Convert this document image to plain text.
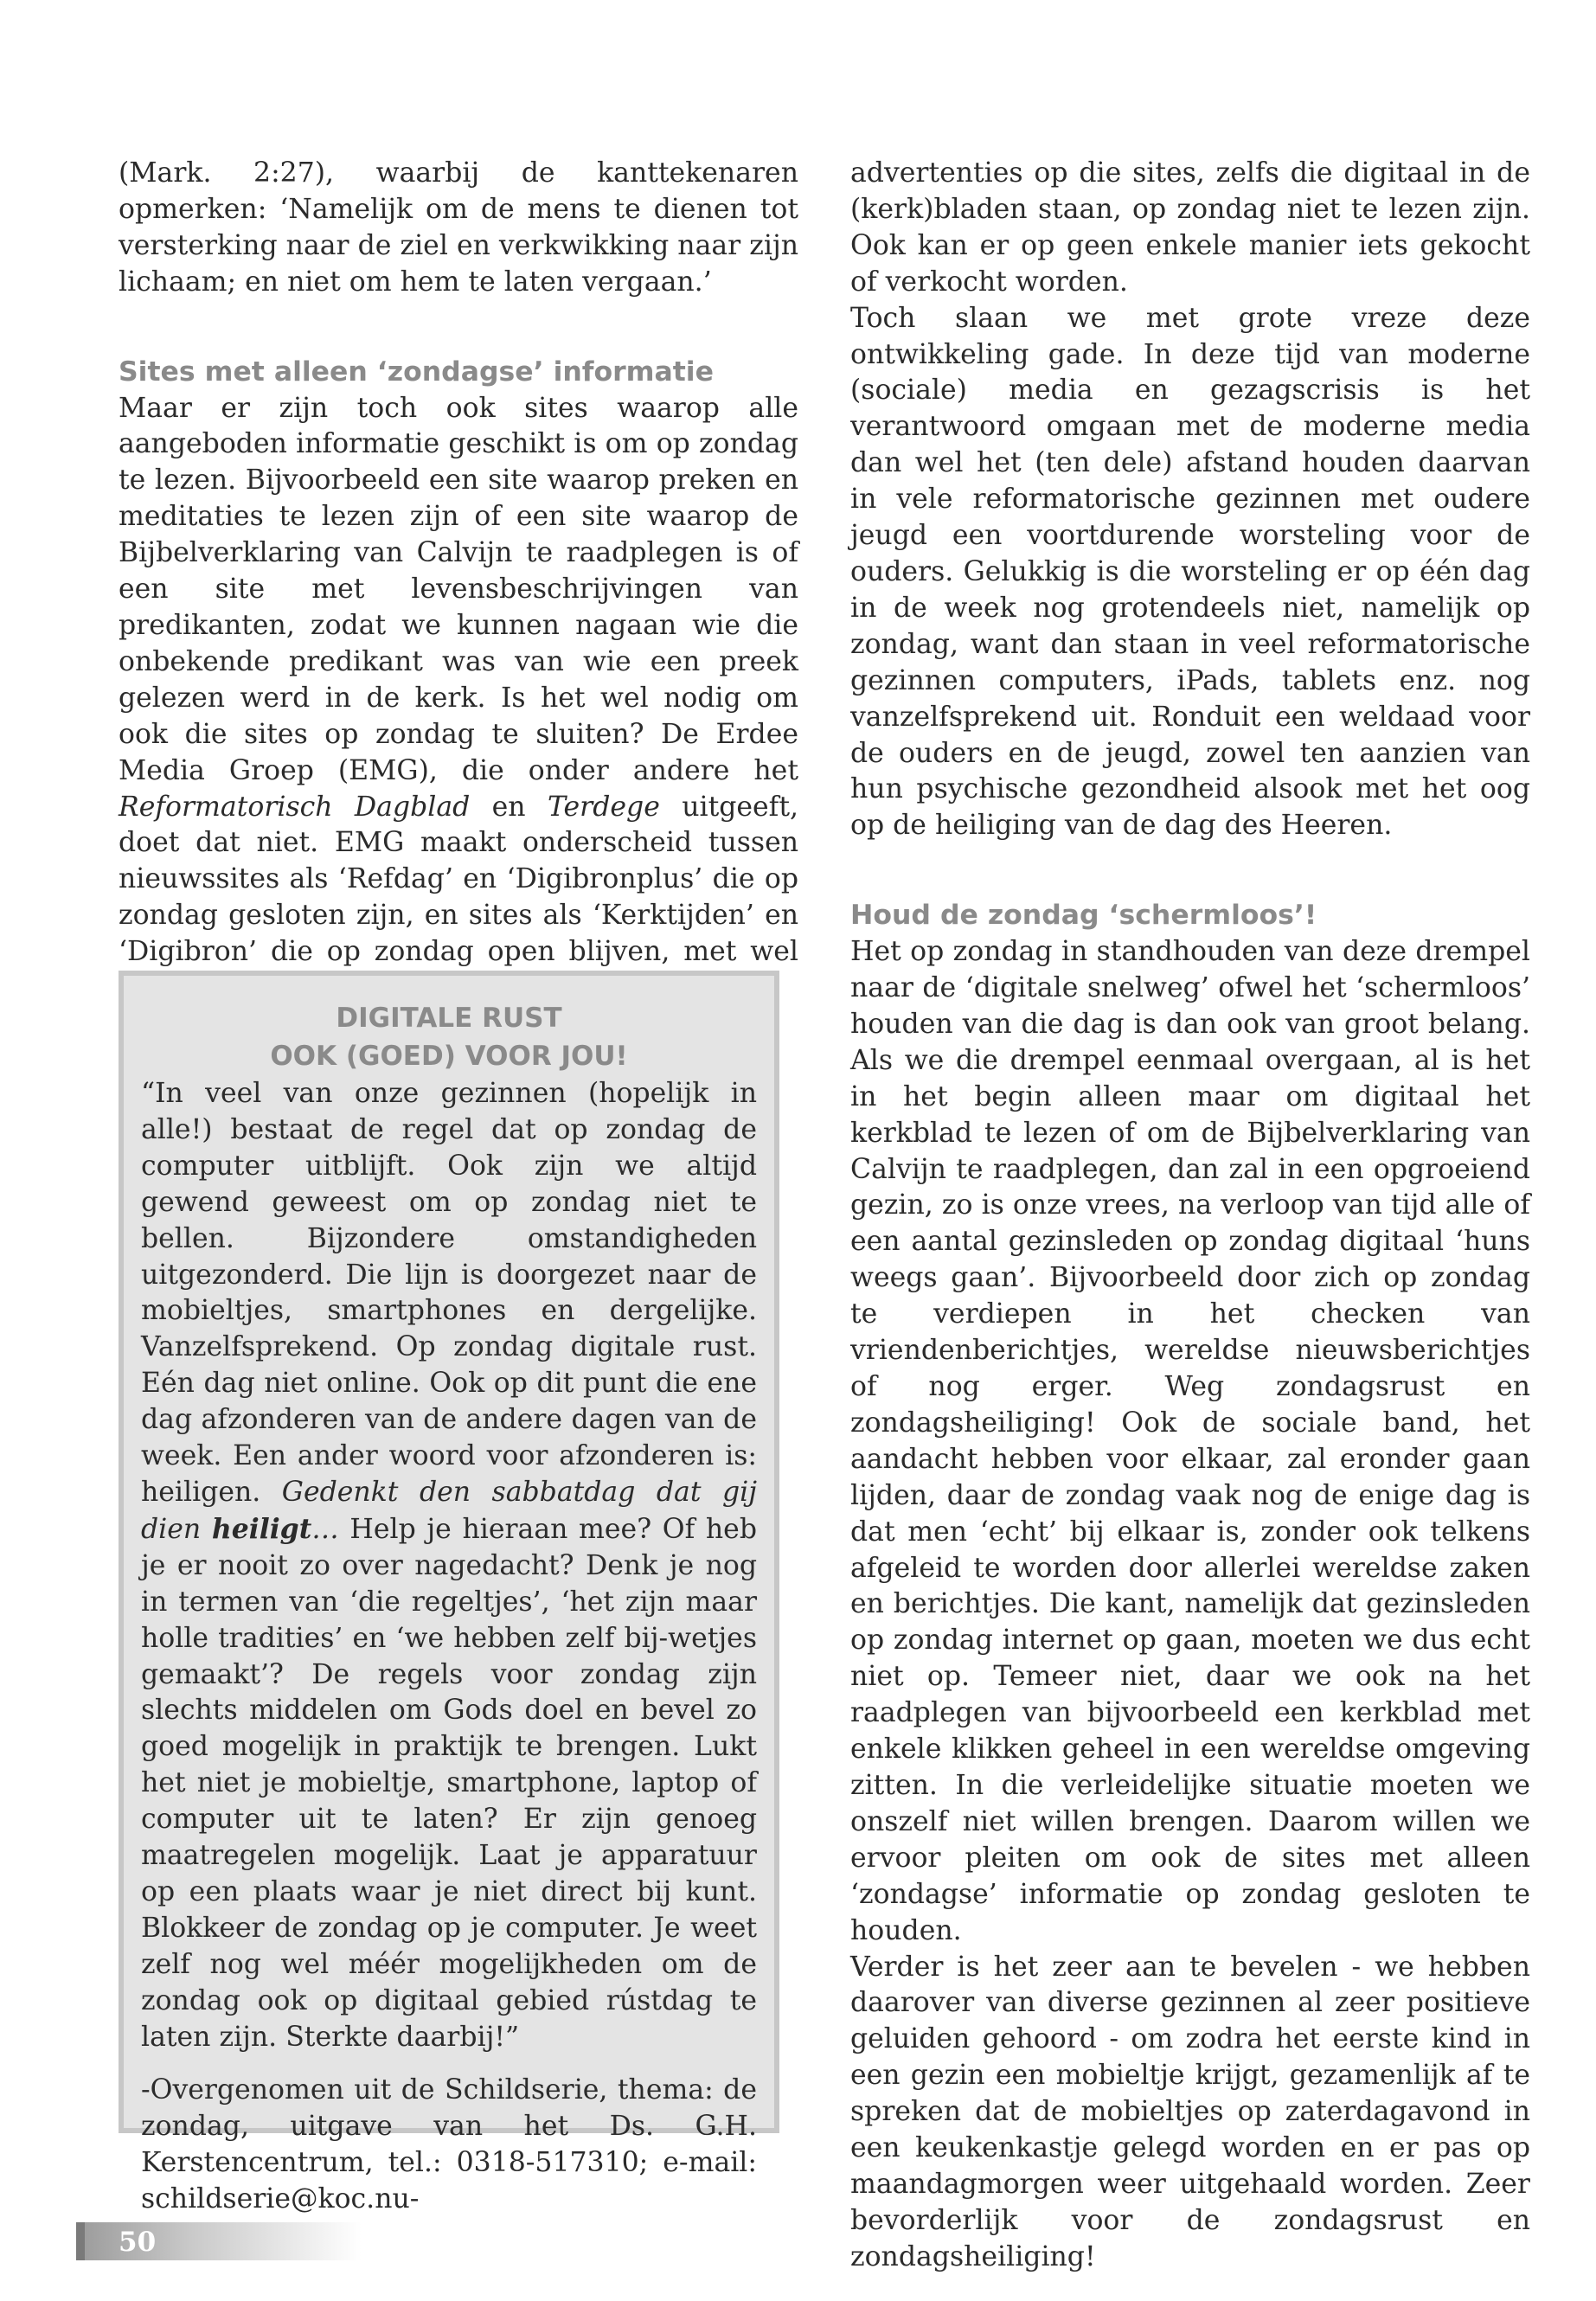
(Mark. 2:27), waarbij de kanttekenaren opmerken: ‘Namelijk om de mens te dienen tot versterking naar de ziel en verkwikking naar zijn lichaam; en niet om hem te laten vergaan.’

Sites met alleen ‘zondagse’ informatie

Maar er zijn toch ook sites waarop alle aangeboden informatie geschikt is om op zondag te lezen. Bijvoorbeeld een site waarop preken en meditaties te lezen zijn of een site waarop de Bijbelverklaring van Calvijn te raadplegen is of een site met levensbeschrijvingen van predikanten, zodat we kunnen nagaan wie die onbekende predikant was van wie een preek gelezen werd in de kerk. Is het wel nodig om ook die sites op zondag te sluiten? De Erdee Media Groep (EMG), die onder andere het Reformatorisch Dagblad en Terdege uitgeeft, doet dat niet. EMG maakt onderscheid tussen nieuwssites als ‘Refdag’ en ‘Digibronplus’ die op zondag gesloten zijn, en sites als ‘Kerktijden’ en ‘Digibron’ die op zondag open blijven, met wel

DIGITALE RUST
OOK (GOED) VOOR JOU!

“In veel van onze gezinnen (hopelijk in alle!) bestaat de regel dat op zondag de computer uitblijft. Ook zijn we altijd gewend geweest om op zondag niet te bellen. Bijzondere omstandigheden uitgezonderd. Die lijn is doorgezet naar de mobieltjes, smartphones en dergelijke. Vanzelfsprekend. Op zondag digitale rust. Eén dag niet online. Ook op dit punt die ene dag afzonderen van de andere dagen van de week. Een ander woord voor afzonderen is: heiligen. Gedenkt den sabbatdag dat gij dien heiligt… Help je hieraan mee? Of heb je er nooit zo over nagedacht? Denk je nog in termen van ‘die regeltjes’, ‘het zijn maar holle tradities’ en ‘we hebben zelf bij-wetjes gemaakt’? De regels voor zondag zijn slechts middelen om Gods doel en bevel zo goed mogelijk in praktijk te brengen. Lukt het niet je mobieltje, smartphone, laptop of computer uit te laten? Er zijn genoeg maatregelen mogelijk. Laat je apparatuur op een plaats waar je niet direct bij kunt. Blokkeer de zondag op je computer. Je weet zelf nog wel méér mogelijkheden om de zondag ook op digitaal gebied rústdag te laten zijn. Sterkte daarbij!”

-Overgenomen uit de Schildserie, thema: de zondag, uitgave van het Ds. G.H. Kerstencentrum, tel.: 0318-517310; e-mail: schildserie@koc.nu-

advertenties op die sites, zelfs die digitaal in de (kerk)bladen staan, op zondag niet te lezen zijn. Ook kan er op geen enkele manier iets gekocht of verkocht worden.

Toch slaan we met grote vreze deze ontwikkeling gade. In deze tijd van moderne (sociale) media en gezagscrisis is het verantwoord omgaan met de moderne media dan wel het (ten dele) afstand houden daarvan in vele reformatorische gezinnen met oudere jeugd een voortdurende worsteling voor de ouders. Gelukkig is die worsteling er op één dag in de week nog grotendeels niet, namelijk op zondag, want dan staan in veel reformatorische gezinnen computers, iPads, tablets enz. nog vanzelfsprekend uit. Ronduit een weldaad voor de ouders en de jeugd, zowel ten aanzien van hun psychische gezondheid alsook met het oog op de heiliging van de dag des Heeren.

Houd de zondag ‘schermloos’!

Het op zondag in standhouden van deze drempel naar de ‘digitale snelweg’ ofwel het ‘schermloos’ houden van die dag is dan ook van groot belang. Als we die drempel eenmaal overgaan, al is het in het begin alleen maar om digitaal het kerkblad te lezen of om de Bijbelverklaring van Calvijn te raadplegen, dan zal in een opgroeiend gezin, zo is onze vrees, na verloop van tijd alle of een aantal gezinsleden op zondag digitaal ‘huns weegs gaan’. Bijvoorbeeld door zich op zondag te verdiepen in het checken van vriendenberichtjes, wereldse nieuwsberichtjes of nog erger. Weg zondagsrust en zondagsheiliging! Ook de sociale band, het aandacht hebben voor elkaar, zal eronder gaan lijden, daar de zondag vaak nog de enige dag is dat men ‘echt’ bij elkaar is, zonder ook telkens afgeleid te worden door allerlei wereldse zaken en berichtjes. Die kant, namelijk dat gezinsleden op zondag internet op gaan, moeten we dus echt niet op. Temeer niet, daar we ook na het raadplegen van bijvoorbeeld een kerkblad met enkele klikken geheel in een wereldse omgeving zitten. In die verleidelijke situatie moeten we onszelf niet willen brengen. Daarom willen we ervoor pleiten om ook de sites met alleen ‘zondagse’ informatie op zondag gesloten te houden.

Verder is het zeer aan te bevelen - we hebben daarover van diverse gezinnen al zeer positieve geluiden gehoord - om zodra het eerste kind in een gezin een mobieltje krijgt, gezamenlijk af te spreken dat de mobieltjes op zaterdagavond in een keukenkastje gelegd worden en er pas op maandagmorgen weer uitgehaald worden. Zeer bevorderlijk voor de zondagsrust en zondagsheiliging!

50
